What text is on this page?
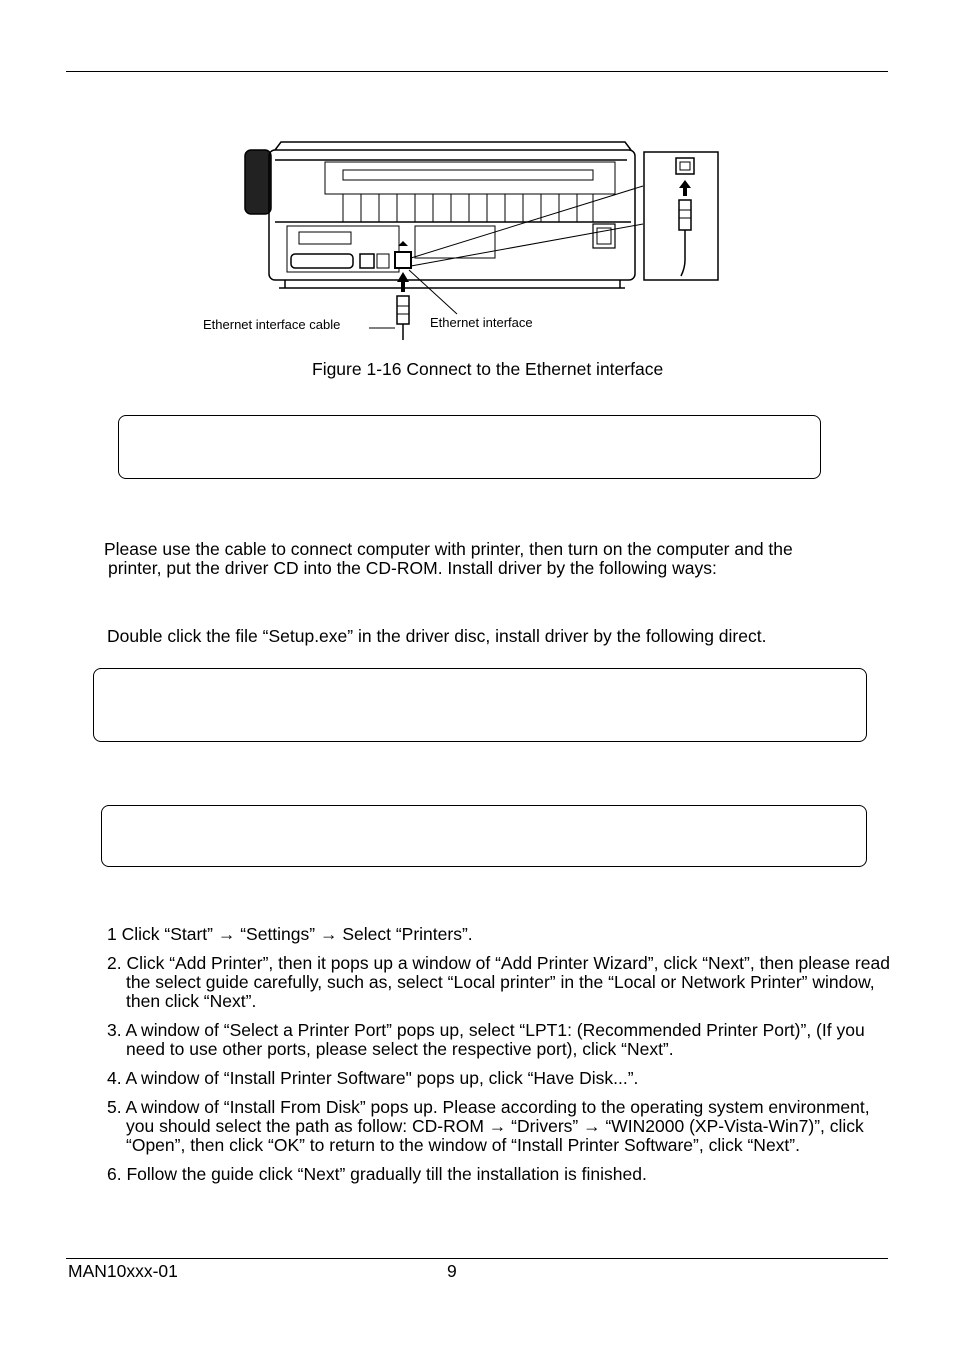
Ethernet interface cable	Ethernet interface
Figure 1-16 Connect to the Ethernet interface
Please use the cable to connect computer with printer, then turn on the computer and the
printer, put the driver CD into the CD-ROM. Install driver by the following ways:
Double click the file “Setup.exe” in the driver disc, install driver by the following direct.
1 Click “Start” → “Settings” → Select “Printers”.
2. Click “Add Printer”, then it pops up a window of “Add Printer Wizard”, click “Next”, then please read the select guide carefully, such as, select “Local printer” in the “Local or Network Printer” window, then click “Next”.
3. A window of “Select a Printer Port” pops up, select “LPT1: (Recommended Printer Port)”, (If you need to use other ports, please select the respective port), click “Next”.
4. A window of “Install Printer Software" pops up, click “Have Disk...”.
5. A window of “Install From Disk” pops up. Please according to the operating system environment, you should select the path as follow: CD-ROM → “Drivers” → “WIN2000 (XP-Vista-Win7)”, click “Open”, then click “OK” to return to the window of “Install Printer Software”, click “Next”.
6. Follow the guide click “Next” gradually till the installation is finished.
MAN10xxx-01	9
